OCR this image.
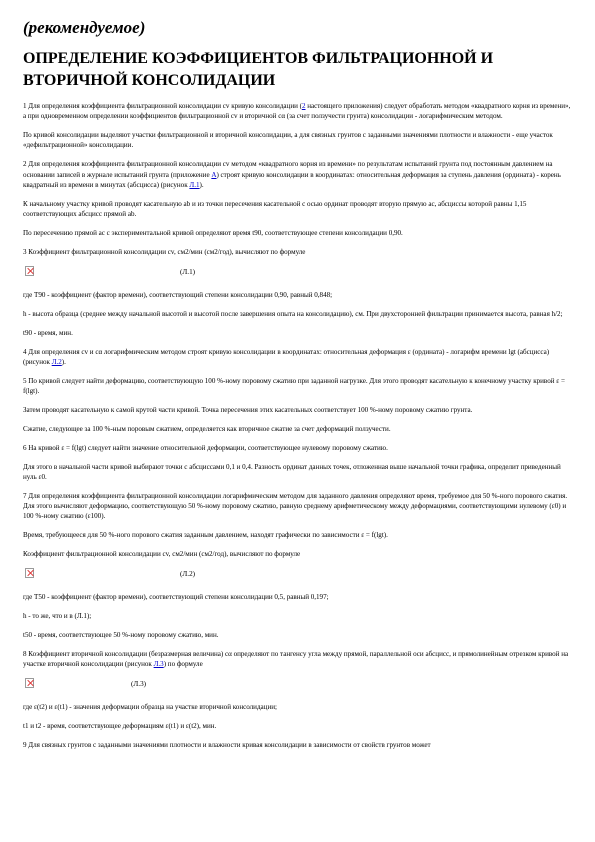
(рекомендуемое)
ОПРЕДЕЛЕНИЕ КОЭФФИЦИЕНТОВ ФИЛЬТРАЦИОННОЙ И ВТОРИЧНОЙ КОНСОЛИДАЦИИ
1 Для определения коэффициента фильтрационной консолидации cv кривую консолидации (2 настоящего приложения) следует обработать методом «квадратного корня из времени», а при одновременном определении коэффициентов фильтрационной cv и вторичной cα (за счет ползучести грунта) консолидации - логарифмическим методом.
По кривой консолидации выделяют участки фильтрационной и вторичной консолидации, а для связных грунтов с заданными значениями плотности и влажности - еще участок «дефильтрационной» консолидации.
2 Для определения коэффициента фильтрационной консолидации cv методом «квадратного корня из времени» по результатам испытаний грунта под постоянным давлением на основании записей в журнале испытаний грунта (приложение А) строят кривую консолидации в координатах: относительная деформация за ступень давления (ордината) - корень квадратный из времени в минутах (абсцисса) (рисунок Л.1).
К начальному участку кривой проводят касательную ab и из точки пересечения касательной с осью ординат проводят вторую прямую ac, абсциссы которой равны 1,15 соответствующих абсцисс прямой ab.
По пересечению прямой ac с экспериментальной кривой определяют время t90, соответствующее степени консолидации 0,90.
3 Коэффициент фильтрационной консолидации cv, см2/мин (см2/год), вычисляют по формуле
(Л.1)
где T90 - коэффициент (фактор времени), соответствующий степени консолидации 0,90, равный 0,848;
h - высота образца (среднее между начальной высотой и высотой после завершения опыта на консолидацию), см. При двухсторонней фильтрации принимается высота, равная h/2;
t90 - время, мин.
4 Для определения cv и cα логарифмическим методом строят кривую консолидации в координатах: относительная деформация ε (ордината) - логарифм времени lgt (абсцисса) (рисунок Л.2).
5 По кривой следует найти деформацию, соответствующую 100 %-ному поровому сжатию при заданной нагрузке. Для этого проводят касательную к конечному участку кривой ε = f(lgt).
Затем проводят касательную к самой крутой части кривой. Точка пересечения этих касательных соответствует 100 %-ному поровому сжатию грунта.
Сжатие, следующее за 100 %-ным поровым сжатием, определяется как вторичное сжатие за счет деформаций ползучести.
6 На кривой ε = f(lgt) следует найти значение относительной деформации, соответствующее нулевому поровому сжатию.
Для этого в начальной части кривой выбирают точки с абсциссами 0,1 и 0,4. Разность ординат данных точек, отложенная выше начальной точки графика, определит приведенный нуль ε0.
7 Для определения коэффициента фильтрационной консолидации логарифмическим методом для заданного давления определяют время, требуемое для 50 %-ного порового сжатия. Для этого вычисляют деформацию, соответствующую 50 %-ному поровому сжатию, равную среднему арифметическому между деформациями, соответствующими нулевому (ε0) и 100 %-ному сжатию (ε100).
Время, требующееся для 50 %-ного порового сжатия заданным давлением, находят графически по зависимости ε = f(lgt).
Коэффициент фильтрационной консолидации cv, см2/мин (см2/год), вычисляют по формуле
(Л.2)
где T50 - коэффициент (фактор времени), соответствующий степени консолидации 0,5, равный 0,197;
h - то же, что и в (Л.1);
t50 - время, соответствующее 50 %-ному поровому сжатию, мин.
8 Коэффициент вторичной консолидации (безразмерная величина) cα определяют по тангенсу угла между прямой, параллельной оси абсцисс, и прямолинейным отрезком кривой на участке вторичной консолидации (рисунок Л.3) по формуле
(Л.3)
где ε(t2) и ε(t1) - значения деформации образца на участке вторичной консолидации;
t1 и t2 - время, соответствующее деформациям ε(t1) и ε(t2), мин.
9 Для связных грунтов с заданными значениями плотности и влажности кривая консолидации в зависимости от свойств грунтов может
